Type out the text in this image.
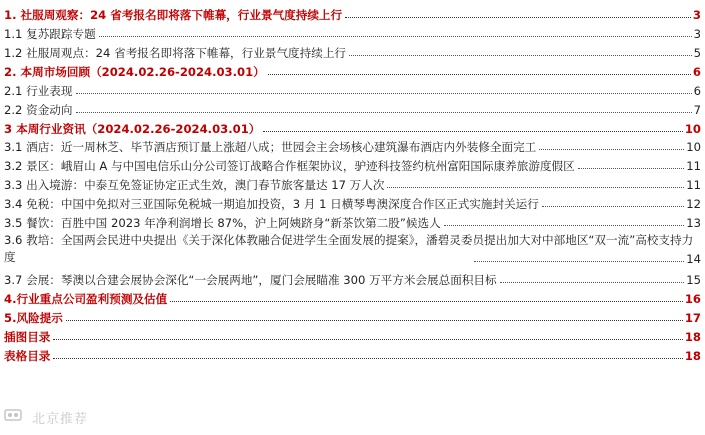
1. 社服周观察：24 省考报名即将落下帷幕，行业景气度持续上行	3
1.1 复苏跟踪专题	3
1.2 社服周观点：24 省考报名即将落下帷幕，行业景气度持续上行	5
2. 本周市场回顾（2024.02.26-2024.03.01）	6
2.1 行业表现	6
2.2 资金动向	7
3 本周行业资讯（2024.02.26-2024.03.01）	10
3.1 酒店：近一周林芝、毕节酒店预订量上涨超八成；世园会主会场核心建筑瀑布酒店内外装修全面完工	10
3.2 景区：峨眉山 A 与中国电信乐山分公司签订战略合作框架协议，驴迹科技签约杭州富阳国际康养旅游度假区	11
3.3 出入境游：中泰互免签证协定正式生效，澳门春节旅客量达 17 万人次	11
3.4 免税：中国中免拟对三亚国际免税城一期追加投资，3 月 1 日横琴粤澳深度合作区正式实施封关运行	12
3.5 餐饮：百胜中国 2023 年净利润增长 87%，沪上阿姨跻身“新茶饮第二股”候选人	13
3.6 教培：全国两会民进中央提出《关于深化体教融合促进学生全面发展的提案》，潘碧灵委员提出加大对中部地区“双一流”高校支持力度	14
3.7 会展：琴澳以合建会展协会深化“一会展两地”，厦门会展瞄准 300 万平方米会展总面积目标	15
4.行业重点公司盈利预测及估值	16
5.风险提示	17
插图目录	18
表格目录	18
北京推荐
